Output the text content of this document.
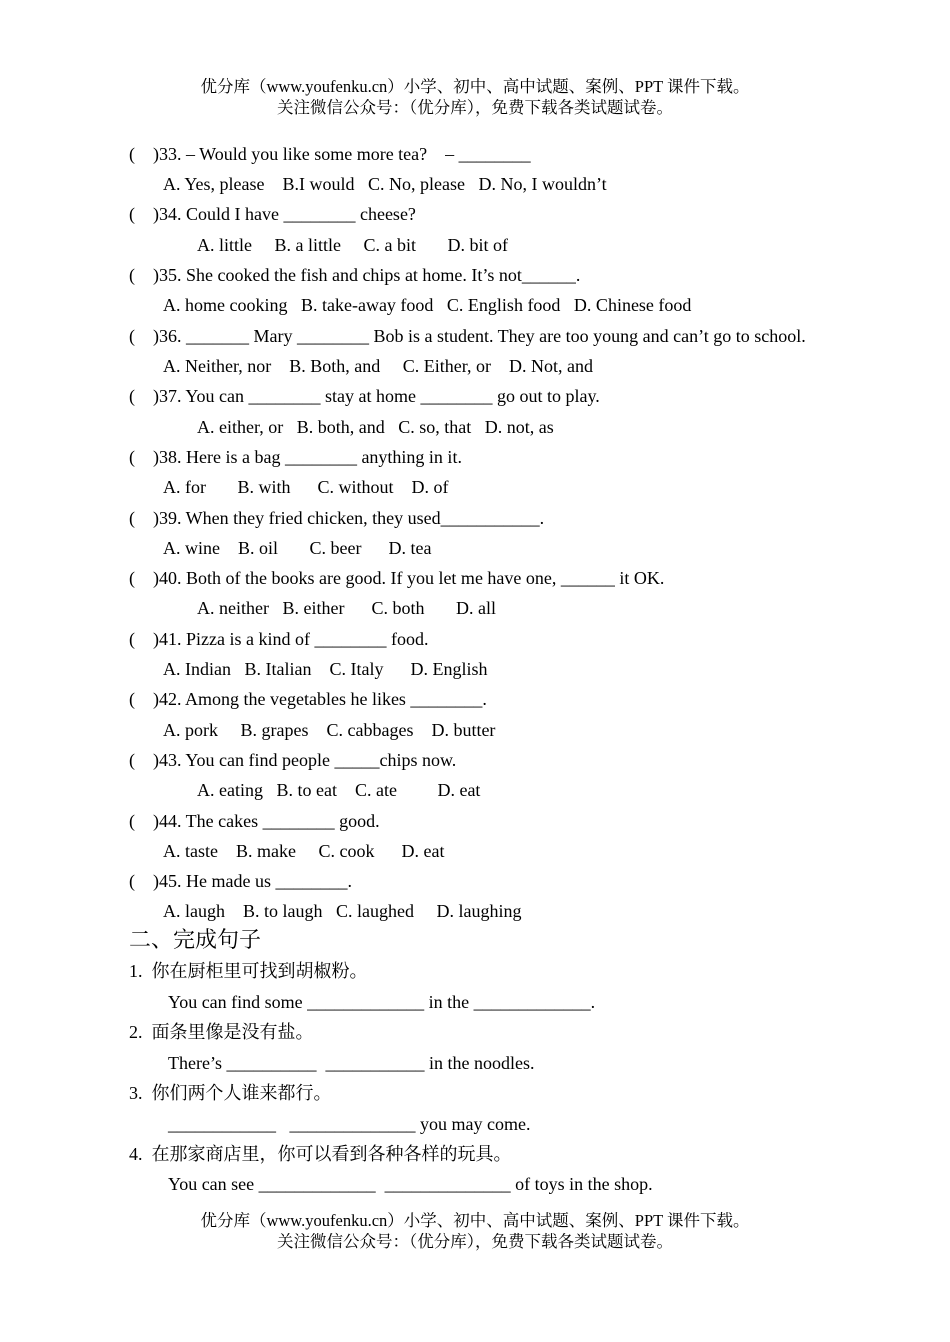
优分库（www.youfenku.cn）小学、初中、高中试题、案例、PPT 课件下载。
关注微信公众号：（优分库），免费下载各类试题试卷。
(    )33. – Would you like some more tea?    – ________
A. Yes, please    B.I would   C. No, please   D. No, I wouldn’t
(    )34. Could I have ________ cheese?
A. little     B. a little     C. a bit       D. bit of
(    )35. She cooked the fish and chips at home. It’s not______.
A. home cooking   B. take-away food   C. English food   D. Chinese food
(    )36. _______ Mary ________ Bob is a student. They are too young and can’t go to school.
A. Neither, nor    B. Both, and     C. Either, or    D. Not, and
(    )37. You can ________ stay at home ________ go out to play.
A. either, or   B. both, and   C. so, that   D. not, as
(    )38. Here is a bag ________ anything in it.
A. for       B. with      C. without    D. of
(    )39. When they fried chicken, they used___________.
A. wine    B. oil       C. beer      D. tea
(    )40. Both of the books are good. If you let me have one, ______ it OK.
A. neither   B. either      C. both       D. all
(    )41. Pizza is a kind of ________ food.
A. Indian   B. Italian    C. Italy      D. English
(    )42. Among the vegetables he likes ________.
A. pork     B. grapes    C. cabbages    D. butter
(    )43. You can find people _____chips now.
A. eating   B. to eat    C. ate         D. eat
(    )44. The cakes ________ good.
A. taste    B. make     C. cook      D. eat
(    )45. He made us ________.
A. laugh    B. to laugh   C. laughed     D. laughing
二、完成句子
1.  你在厨柜里可找到胡椒粉。
You can find some _____________ in the _____________.
2.  面条里像是没有盐。
There’s __________  ___________ in the noodles.
3.  你们两个人谁来都行。
____________   ______________ you may come.
4.  在那家商店里，你可以看到各种各样的玩具。
You can see _____________  ______________ of toys in the shop.
优分库（www.youfenku.cn）小学、初中、高中试题、案例、PPT 课件下载。
关注微信公众号：（优分库），免费下载各类试题试卷。
